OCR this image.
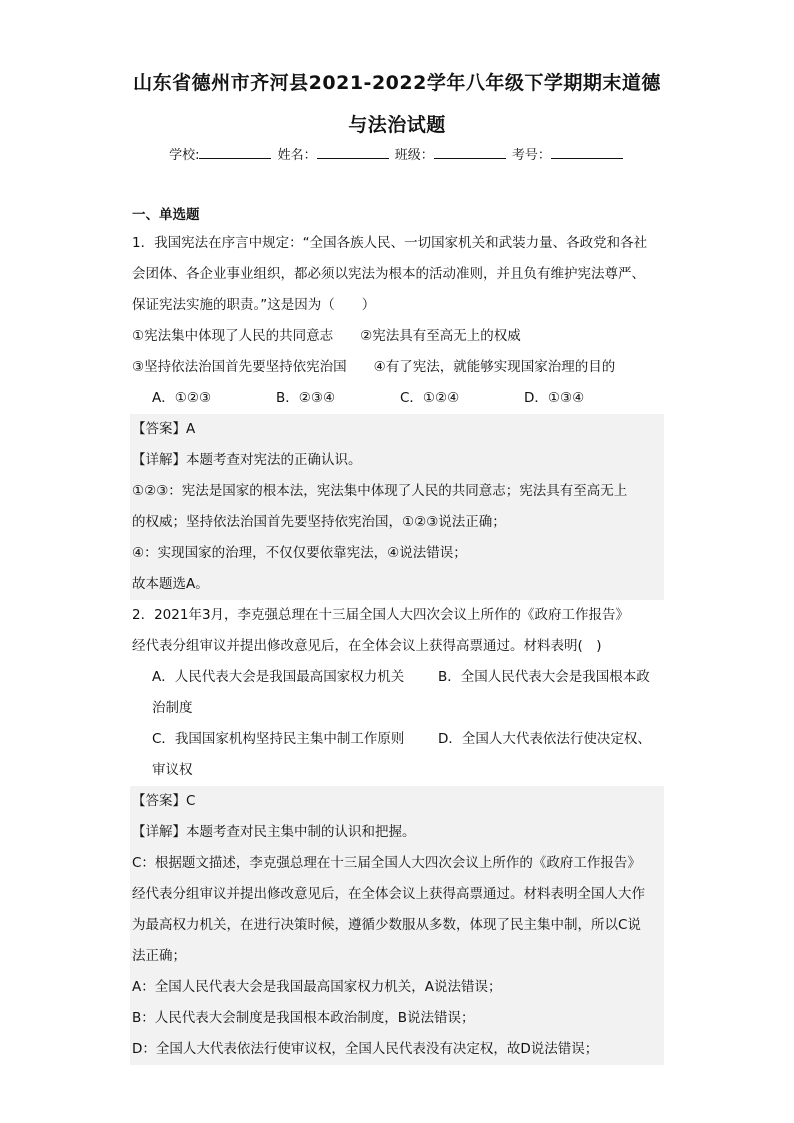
山东省德州市齐河县2021-2022学年八年级下学期期末道德
与法治试题
学校:	姓名：	班级：	考号：
一、单选题
1．我国宪法在序言中规定：“全国各族人民、一切国家机关和武装力量、各政党和各社
会团体、各企业事业组织，都必须以宪法为根本的活动准则，并且负有维护宪法尊严、
保证宪法实施的职责。”这是因为（　　）
①宪法集中体现了人民的共同意志　　②宪法具有至高无上的权威
③坚持依法治国首先要坚持依宪治国　　④有了宪法，就能够实现国家治理的目的
A．①②③	B．②③④	C．①②④	D．①③④
【答案】A
【详解】本题考查对宪法的正确认识。
①②③：宪法是国家的根本法，宪法集中体现了人民的共同意志；宪法具有至高无上
的权威；坚持依法治国首先要坚持依宪治国，①②③说法正确；
④：实现国家的治理，不仅仅要依靠宪法，④说法错误；
故本题选A。
2．2021年3月，李克强总理在十三届全国人大四次会议上所作的《政府工作报告》
经代表分组审议并提出修改意见后，在全体会议上获得高票通过。材料表明(　)
A．人民代表大会是我国最高国家权力机关	B．全国人民代表大会是我国根本政
治制度
C．我国国家机构坚持民主集中制工作原则	D．全国人大代表依法行使决定权、
审议权
【答案】C
【详解】本题考查对民主集中制的认识和把握。
C：根据题文描述，李克强总理在十三届全国人大四次会议上所作的《政府工作报告》
经代表分组审议并提出修改意见后，在全体会议上获得高票通过。材料表明全国人大作
为最高权力机关，在进行决策时候，遵循少数服从多数，体现了民主集中制，所以C说
法正确；
A：全国人民代表大会是我国最高国家权力机关，A说法错误；
B：人民代表大会制度是我国根本政治制度，B说法错误；
D：全国人大代表依法行使审议权，全国人民代表没有决定权，故D说法错误；
